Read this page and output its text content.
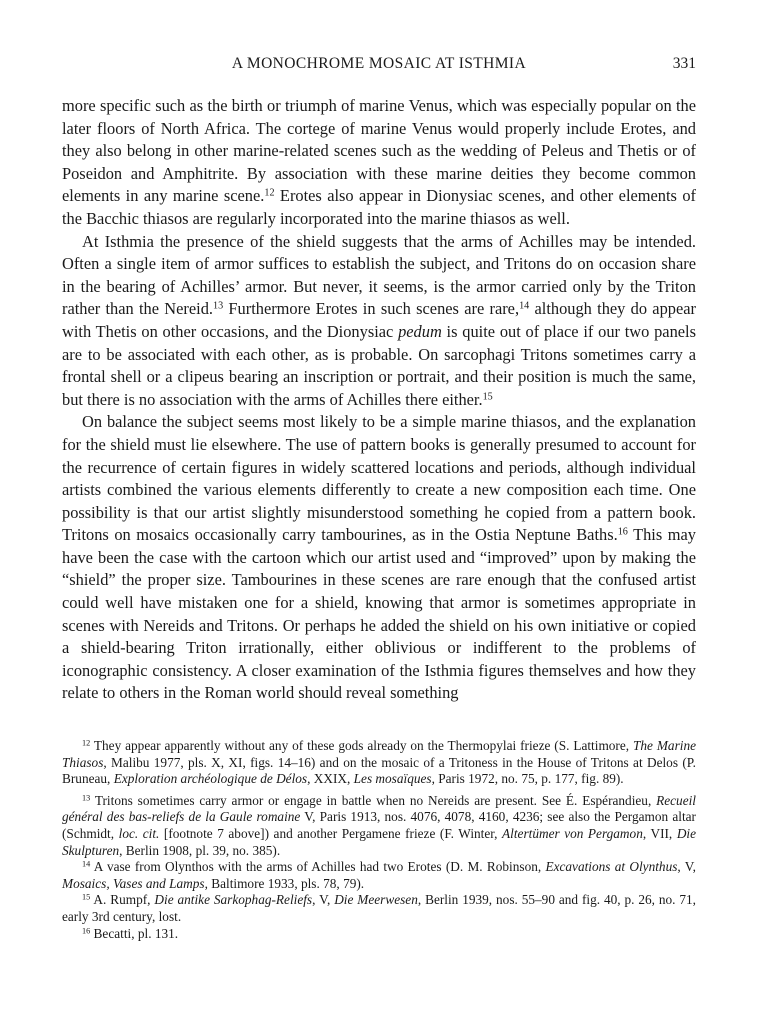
A MONOCHROME MOSAIC AT ISTHMIA	331

more specific such as the birth or triumph of marine Venus, which was especially popular on the later floors of North Africa. The cortege of marine Venus would properly include Erotes, and they also belong in other marine-related scenes such as the wedding of Peleus and Thetis or of Poseidon and Amphitrite. By association with these marine deities they become common elements in any marine scene.$^{12}$ Erotes also appear in Dionysiac scenes, and other elements of the Bacchic thiasos are regularly incorporated into the marine thiasos as well.

At Isthmia the presence of the shield suggests that the arms of Achilles may be intended. Often a single item of armor suffices to establish the subject, and Tritons do on occasion share in the bearing of Achilles’ armor. But never, it seems, is the armor carried only by the Triton rather than the Nereid.$^{13}$ Furthermore Erotes in such scenes are rare,$^{14}$ although they do appear with Thetis on other occasions, and the Dionysiac pedum is quite out of place if our two panels are to be associated with each other, as is probable. On sarcophagi Tritons sometimes carry a frontal shell or a clipeus bearing an inscription or portrait, and their position is much the same, but there is no association with the arms of Achilles there either.$^{15}$

On balance the subject seems most likely to be a simple marine thiasos, and the explanation for the shield must lie elsewhere. The use of pattern books is generally presumed to account for the recurrence of certain figures in widely scattered locations and periods, although individual artists combined the various elements differently to create a new composition each time. One possibility is that our artist slightly misunderstood something he copied from a pattern book. Tritons on mosaics occasionally carry tambourines, as in the Ostia Neptune Baths.$^{16}$ This may have been the case with the cartoon which our artist used and “improved” upon by making the “shield” the proper size. Tambourines in these scenes are rare enough that the confused artist could well have mistaken one for a shield, knowing that armor is sometimes appropriate in scenes with Nereids and Tritons. Or perhaps he added the shield on his own initiative or copied a shield-bearing Triton irrationally, either oblivious or indifferent to the problems of iconographic consistency. A closer examination of the Isthmia figures themselves and how they relate to others in the Roman world should reveal something

$^{12}$ They appear apparently without any of these gods already on the Thermopylai frieze (S. Lattimore, The Marine Thiasos, Malibu 1977, pls. X, XI, figs. 14–16) and on the mosaic of a Tritoness in the House of Tritons at Delos (P. Bruneau, Exploration archéologique de Délos, XXIX, Les mosaïques, Paris 1972, no. 75, p. 177, fig. 89).

$^{13}$ Tritons sometimes carry armor or engage in battle when no Nereids are present. See É. Espérandieu, Recueil général des bas-reliefs de la Gaule romaine V, Paris 1913, nos. 4076, 4078, 4160, 4236; see also the Pergamon altar (Schmidt, loc. cit. [footnote 7 above]) and another Pergamene frieze (F. Winter, Altertümer von Pergamon, VII, Die Skulpturen, Berlin 1908, pl. 39, no. 385).

$^{14}$ A vase from Olynthos with the arms of Achilles had two Erotes (D. M. Robinson, Excavations at Olynthus, V, Mosaics, Vases and Lamps, Baltimore 1933, pls. 78, 79).

$^{15}$ A. Rumpf, Die antike Sarkophag-Reliefs, V, Die Meerwesen, Berlin 1939, nos. 55–90 and fig. 40, p. 26, no. 71, early 3rd century, lost.

$^{16}$ Becatti, pl. 131.
